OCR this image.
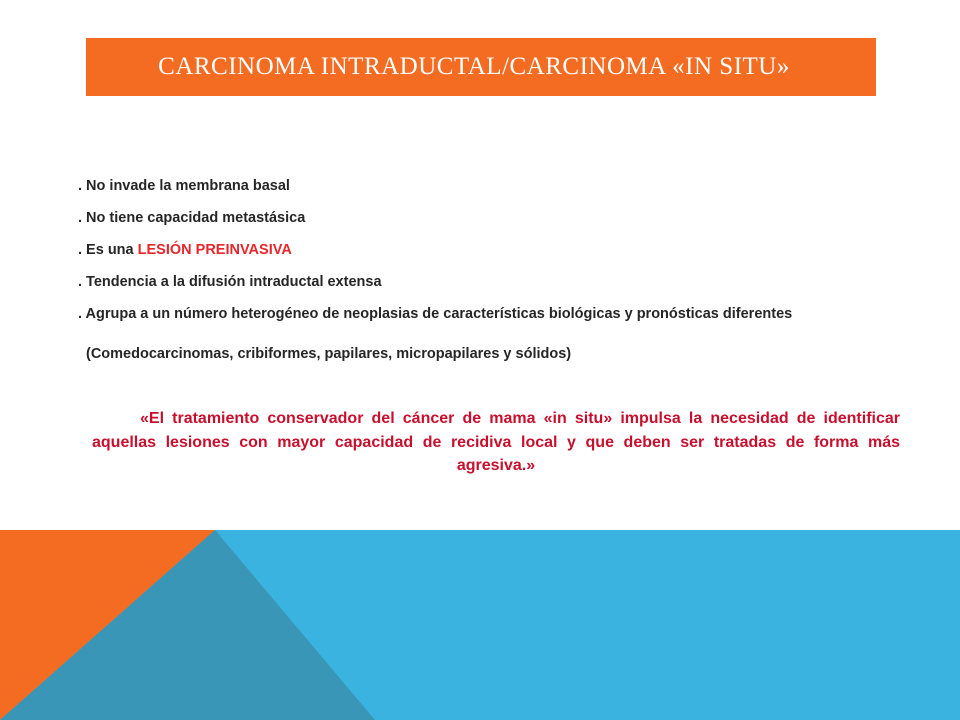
CARCINOMA INTRADUCTAL/CARCINOMA «IN SITU»
. No invade la membrana basal
. No tiene capacidad metastásica
. Es una LESIÓN PREINVASIVA
. Tendencia a la difusión intraductal extensa
. Agrupa a un número heterogéneo de neoplasias de características biológicas y pronósticas diferentes
(Comedocarcinomas, cribiformes, papilares, micropapilares y sólidos)

«El tratamiento conservador del cáncer de mama «in situ» impulsa la necesidad de identificar aquellas lesiones con mayor capacidad de recidiva local y que deben ser tratadas de forma más agresiva.»
